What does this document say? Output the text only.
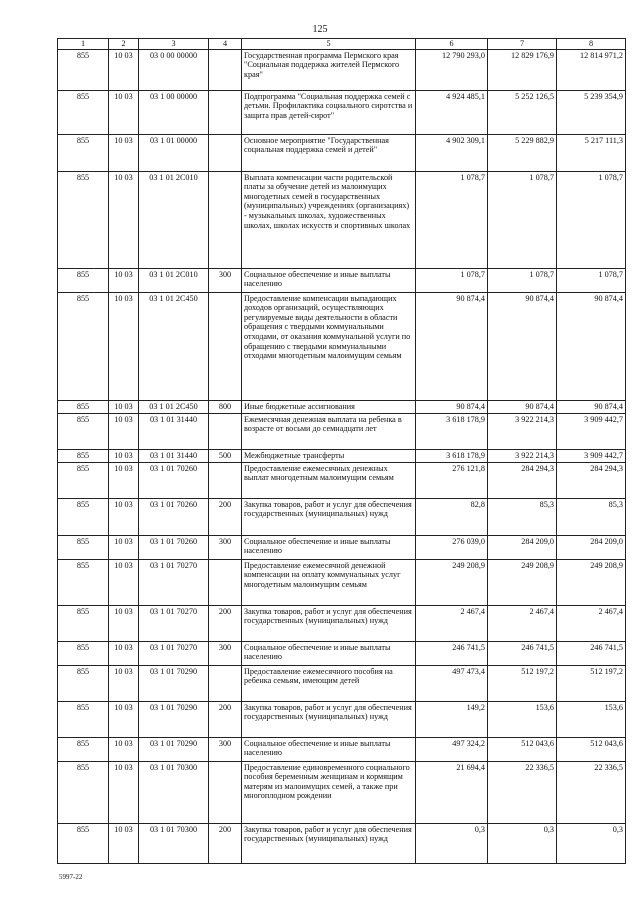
125
1	2	3	4	5	6	7	8
855	10 03	03 0 00 00000		Государственная программа Пермского края "Социальная поддержка жителей Пермского края"	12 790 293,0	12 829 176,9	12 814 971,2
855	10 03	03 1 00 00000		Подпрограмма "Социальная поддержка семей с детьми. Профилактика социального сиротства и защита прав детей-сирот"	4 924 485,1	5 252 126,5	5 239 354,9
855	10 03	03 1 01 00000		Основное мероприятие "Государственная социальная поддержка семей и детей"	4 902 309,1	5 229 882,9	5 217 111,3
855	10 03	03 1 01 2С010		Выплата компенсации части родительской платы за обучение детей из малоимущих многодетных семей в государственных (муниципальных) учреждениях (организациях) - музыкальных школах, художественных школах, школах искусств и спортивных школах	1 078,7	1 078,7	1 078,7
855	10 03	03 1 01 2С010	300	Социальное обеспечение и иные выплаты населению	1 078,7	1 078,7	1 078,7
855	10 03	03 1 01 2С450		Предоставление компенсации выпадающих доходов организаций, осуществляющих регулируемые виды деятельности в области обращения с твердыми коммунальными отходами, от оказания коммунальной услуги по обращению с твердыми коммунальными отходами многодетным малоимущим семьям	90 874,4	90 874,4	90 874,4
855	10 03	03 1 01 2С450	800	Иные бюджетные ассигнования	90 874,4	90 874,4	90 874,4
855	10 03	03 1 01 31440		Ежемесячная денежная выплата на ребенка в возрасте от восьми до семнадцати лет	3 618 178,9	3 922 214,3	3 909 442,7
855	10 03	03 1 01 31440	500	Межбюджетные трансферты	3 618 178,9	3 922 214,3	3 909 442,7
855	10 03	03 1 01 70260		Предоставление ежемесячных денежных выплат многодетным малоимущим семьям	276 121,8	284 294,3	284 294,3
855	10 03	03 1 01 70260	200	Закупка товаров, работ и услуг для обеспечения государственных (муниципальных) нужд	82,8	85,3	85,3
855	10 03	03 1 01 70260	300	Социальное обеспечение и иные выплаты населению	276 039,0	284 209,0	284 209,0
855	10 03	03 1 01 70270		Предоставление ежемесячной денежной компенсации на оплату коммунальных услуг многодетным малоимущим семьям	249 208,9	249 208,9	249 208,9
855	10 03	03 1 01 70270	200	Закупка товаров, работ и услуг для обеспечения государственных (муниципальных) нужд	2 467,4	2 467,4	2 467,4
855	10 03	03 1 01 70270	300	Социальное обеспечение и иные выплаты населению	246 741,5	246 741,5	246 741,5
855	10 03	03 1 01 70290		Предоставление ежемесячного пособия на ребенка семьям, имеющим детей	497 473,4	512 197,2	512 197,2
855	10 03	03 1 01 70290	200	Закупка товаров, работ и услуг для обеспечения государственных (муниципальных) нужд	149,2	153,6	153,6
855	10 03	03 1 01 70290	300	Социальное обеспечение и иные выплаты населению	497 324,2	512 043,6	512 043,6
855	10 03	03 1 01 70300		Предоставление единовременного социального пособия беременным женщинам и кормящим матерям из малоимущих семей, а также при многоплодном рождении	21 694,4	22 336,5	22 336,5
855	10 03	03 1 01 70300	200	Закупка товаров, работ и услуг для обеспечения государственных (муниципальных) нужд	0,3	0,3	0,3
5997-22
